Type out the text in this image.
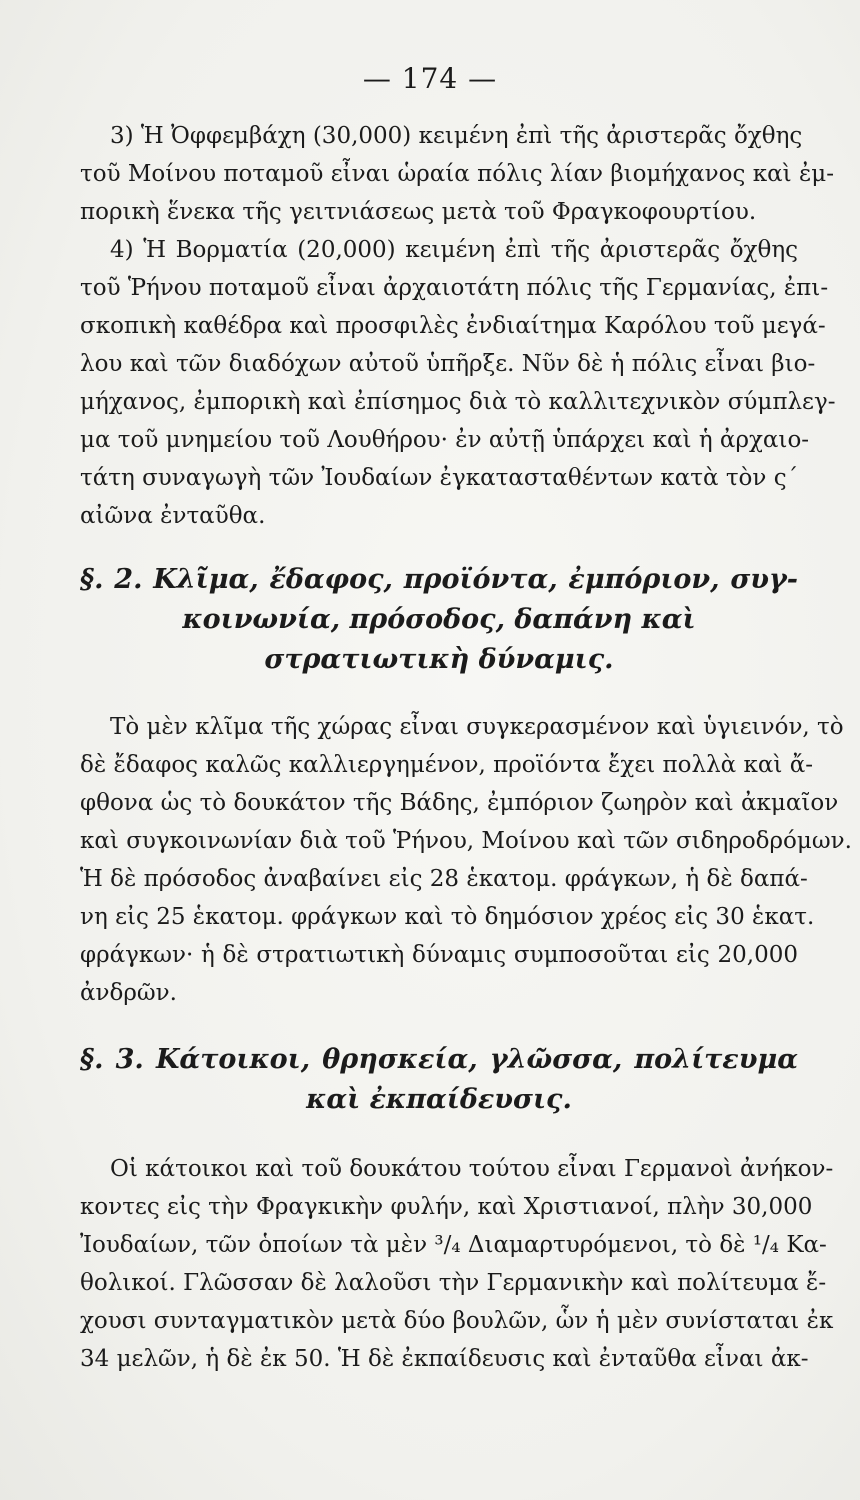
— 174 —
3) Ἡ Ὀφφεμβάχη (30,000) κειμένη ἐπὶ τῆς ἀριστερᾶς ὄχθης
τοῦ Μοίνου ποταμοῦ εἶναι ὡραία πόλις λίαν βιομήχανος καὶ ἐμ-
πορικὴ ἕνεκα τῆς γειτνιάσεως μετὰ τοῦ Φραγκοφουρτίου.
4) Ἡ Βορματία (20,000) κειμένη ἐπὶ τῆς ἀριστερᾶς ὄχθης
τοῦ Ῥήνου ποταμοῦ εἶναι ἀρχαιοτάτη πόλις τῆς Γερμανίας, ἐπι-
σκοπικὴ καθέδρα καὶ προσφιλὲς ἐνδιαίτημα Καρόλου τοῦ μεγά-
λου καὶ τῶν διαδόχων αὐτοῦ ὑπῆρξε. Νῦν δὲ ἡ πόλις εἶναι βιο-
μήχανος, ἐμπορικὴ καὶ ἐπίσημος διὰ τὸ καλλιτεχνικὸν σύμπλεγ-
μα τοῦ μνημείου τοῦ Λουθήρου· ἐν αὐτῇ ὑπάρχει καὶ ἡ ἀρχαιο-
τάτη συναγωγὴ τῶν Ἰουδαίων ἐγκατασταθέντων κατὰ τὸν ς´
αἰῶνα ἐνταῦθα.
§. 2. Κλῖμα, ἔδαφος, προϊόντα, ἐμπόριον, συγ-
κοινωνία, πρόσοδος, δαπάνη καὶ
στρατιωτικὴ δύναμις.
Τὸ μὲν κλῖμα τῆς χώρας εἶναι συγκερασμένον καὶ ὑγιεινόν, τὸ
δὲ ἔδαφος καλῶς καλλιεργημένον, προϊόντα ἔχει πολλὰ καὶ ἄ-
φθονα ὡς τὸ δουκάτον τῆς Βάδης, ἐμπόριον ζωηρὸν καὶ ἀκμαῖον
καὶ συγκοινωνίαν διὰ τοῦ Ῥήνου, Μοίνου καὶ τῶν σιδηροδρόμων.
Ἡ δὲ πρόσοδος ἀναβαίνει εἰς 28 ἑκατομ. φράγκων, ἡ δὲ δαπά-
νη εἰς 25 ἑκατομ. φράγκων καὶ τὸ δημόσιον χρέος εἰς 30 ἑκατ.
φράγκων· ἡ δὲ στρατιωτικὴ δύναμις συμποσοῦται εἰς 20,000
ἀνδρῶν.
§. 3. Κάτοικοι, θρησκεία, γλῶσσα, πολίτευμα
καὶ ἐκπαίδευσις.
Οἱ κάτοικοι καὶ τοῦ δουκάτου τούτου εἶναι Γερμανοὶ ἀνήκον-
κοντες εἰς τὴν Φραγκικὴν φυλήν, καὶ Χριστιανοί, πλὴν 30,000
Ἰουδαίων, τῶν ὁποίων τὰ μὲν ³/₄ Διαμαρτυρόμενοι, τὸ δὲ ¹/₄ Κα-
θολικοί. Γλῶσσαν δὲ λαλοῦσι τὴν Γερμανικὴν καὶ πολίτευμα ἔ-
χουσι συνταγματικὸν μετὰ δύο βουλῶν, ὧν ἡ μὲν συνίσταται ἐκ
34 μελῶν, ἡ δὲ ἐκ 50. Ἡ δὲ ἐκπαίδευσις καὶ ἐνταῦθα εἶναι ἀκ-
